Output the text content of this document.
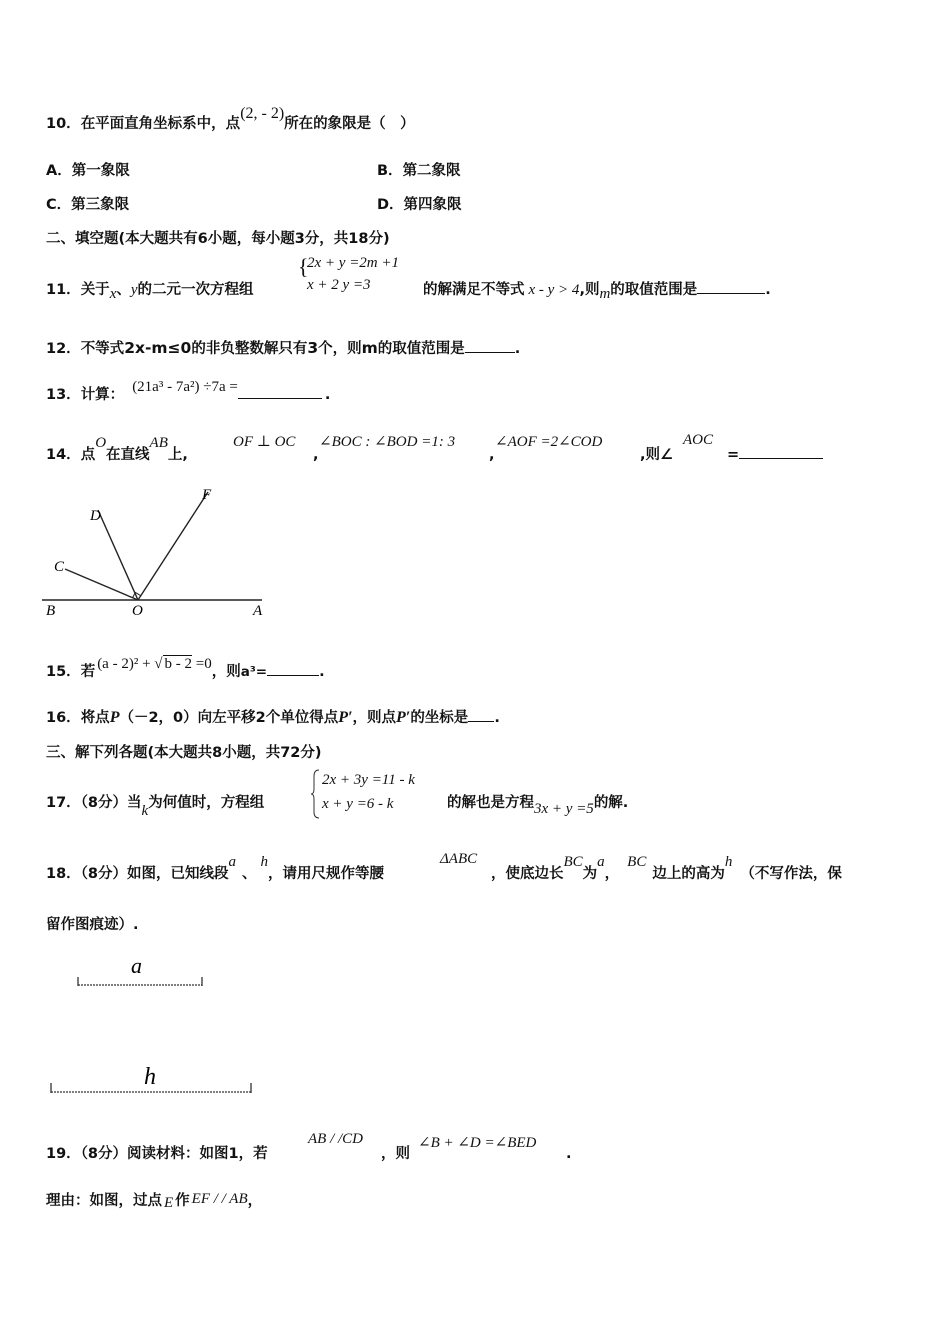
10．在平面直角坐标系中，点(2, - 2)所在的象限是（　）
A．第一象限	B．第二象限
C．第三象限	D．第四象限
二、填空题(本大题共有6小题，每小题3分，共18分)
11．关于x、y的二元一次方程组
{
2x + y =2m +1
x + 2 y =3	的解满足不等式 x - y > 4,则m的取值范围是	.
12．不等式2x-m≤0的非负整数解只有3个，则m的取值范围是	.
13．计算： (21a³ - 7a²) ÷7a =	.
14．点O在直线AB上,
OF ⊥ OC
,
∠BOC : ∠BOD =1: 3
,
∠AOF =2∠COD
,则∠
AOC
=
D
F
C
B	O	A
15．若 (a - 2)² + √ b - 2 =0，则a³=	.
16．将点P（－2，0）向左平移2个单位得点P′，则点P′的坐标是 .
三、解下列各题(本大题共8小题，共72分)
17．（8分）当k为何值时，方程组
2x + 3y =11 - k
x + y =6 - k	的解也是方程3x + y =5的解.
18．（8分）如图，已知线段a、h，请用尺规作等腰
ΔABC
，使底边长BC为a，BC边上的高为h（不写作法，保
留作图痕迹）.
a
h
19．（8分）阅读材料：如图1，若
AB / /CD
，则
∠B + ∠D =∠BED
.
理由：如图，过点 E 作 EF / / AB，
